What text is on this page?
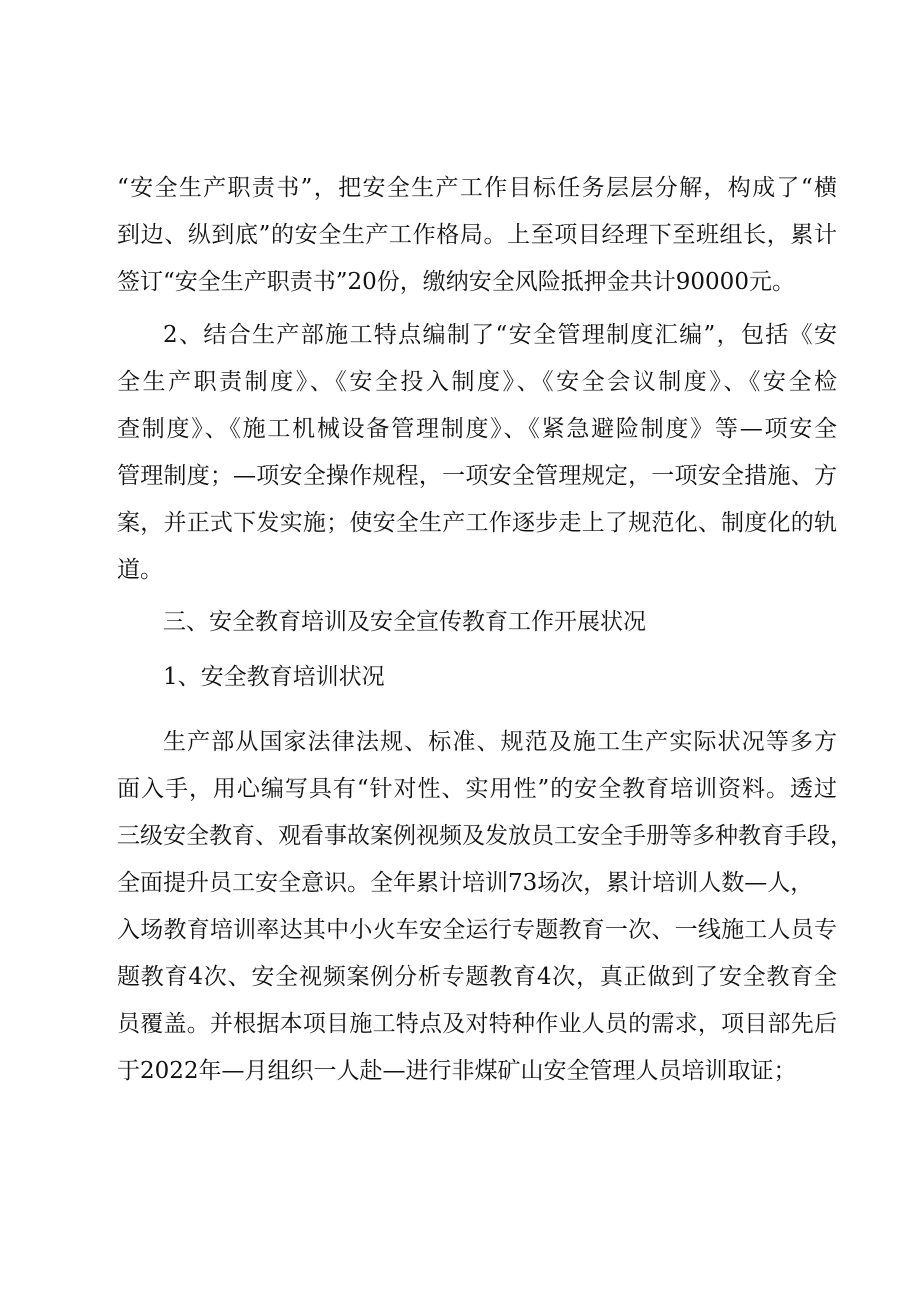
“安全生产职责书”，把安全生产工作目标任务层层分解，构成了“横

到边、纵到底”的安全生产工作格局。上至项目经理下至班组长，累计

签订“安全生产职责书”20份，缴纳安全风险抵押金共计90000元。

2、结合生产部施工特点编制了“安全管理制度汇编”，包括《安

全生产职责制度》、《安全投入制度》、《安全会议制度》、《安全检

查制度》、《施工机械设备管理制度》、《紧急避险制度》等—项安全

管理制度；—项安全操作规程，一项安全管理规定，一项安全措施、方

案，并正式下发实施；使安全生产工作逐步走上了规范化、制度化的轨

道。

三、安全教育培训及安全宣传教育工作开展状况

1、安全教育培训状况

生产部从国家法律法规、标准、规范及施工生产实际状况等多方

面入手，用心编写具有“针对性、实用性”的安全教育培训资料。透过

三级安全教育、观看事故案例视频及发放员工安全手册等多种教育手段，

全面提升员工安全意识。全年累计培训73场次，累计培训人数—人，

入场教育培训率达其中小火车安全运行专题教育一次、一线施工人员专

题教育4次、安全视频案例分析专题教育4次，真正做到了安全教育全

员覆盖。并根据本项目施工特点及对特种作业人员的需求，项目部先后

于2022年—月组织一人赴—进行非煤矿山安全管理人员培训取证；
